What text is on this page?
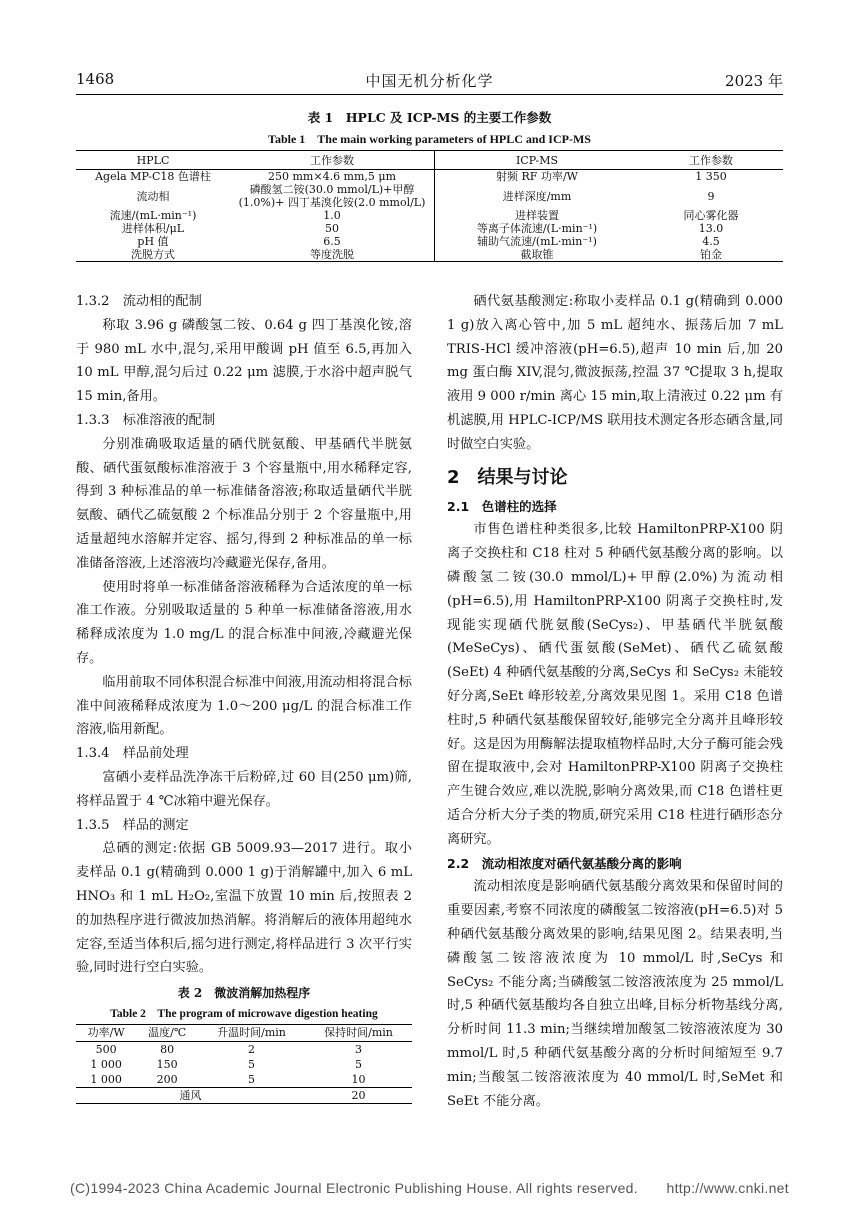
1468	中国无机分析化学	2023 年
表 1　HPLC 及 ICP-MS 的主要工作参数
Table 1　The main working parameters of HPLC and ICP-MS
HPLC	工作参数	ICP-MS	工作参数
Agela MP-C18 色谱柱	250 mm×4.6 mm,5 μm	射频 RF 功率/W	1 350
流动相	磷酸氢二铵(30.0 mmol/L)+甲醇(1.0%)+ 四丁基溴化铵(2.0 mmol/L)	进样深度/mm	9
流速/(mL·min⁻¹)	1.0	进样装置	同心雾化器
进样体积/μL	50	等离子体流速/(L·min⁻¹)	13.0
pH 值	6.5	辅助气流速/(mL·min⁻¹)	4.5
洗脱方式	等度洗脱	截取锥	铂金

1.3.2　流动相的配制

称取 3.96 g 磷酸氢二铵、0.64 g 四丁基溴化铵,溶于 980 mL 水中,混匀,采用甲酸调 pH 值至 6.5,再加入 10 mL 甲醇,混匀后过 0.22 μm 滤膜,于水浴中超声脱气 15 min,备用。

1.3.3　标准溶液的配制

分别准确吸取适量的硒代胱氨酸、甲基硒代半胱氨酸、硒代蛋氨酸标准溶液于 3 个容量瓶中,用水稀释定容,得到 3 种标准品的单一标准储备溶液;称取适量硒代半胱氨酸、硒代乙硫氨酸 2 个标准品分别于 2 个容量瓶中,用适量超纯水溶解并定容、摇匀,得到 2 种标准品的单一标准储备溶液,上述溶液均冷藏避光保存,备用。

使用时将单一标准储备溶液稀释为合适浓度的单一标准工作液。分别吸取适量的 5 种单一标准储备溶液,用水稀释成浓度为 1.0 mg/L 的混合标准中间液,冷藏避光保存。

临用前取不同体积混合标准中间液,用流动相将混合标准中间液稀释成浓度为 1.0～200 μg/L 的混合标准工作溶液,临用新配。

1.3.4　样品前处理

富硒小麦样品洗净冻干后粉碎,过 60 目(250 μm)筛,将样品置于 4 ℃冰箱中避光保存。

1.3.5　样品的测定

总硒的测定:依据 GB 5009.93—2017 进行。取小麦样品 0.1 g(精确到 0.000 1 g)于消解罐中,加入 6 mL HNO₃ 和 1 mL H₂O₂,室温下放置 10 min 后,按照表 2 的加热程序进行微波加热消解。将消解后的液体用超纯水定容,至适当体积后,摇匀进行测定,将样品进行 3 次平行实验,同时进行空白实验。

表 2　微波消解加热程序
Table 2　The program of microwave digestion heating
功率/W	温度/℃	升温时间/min	保持时间/min
500	80	2	3
1 000	150	5	5
1 000	200	5	10
通风			20

硒代氨基酸测定:称取小麦样品 0.1 g(精确到 0.000 1 g)放入离心管中,加 5 mL 超纯水、振荡后加 7 mL TRIS-HCl 缓冲溶液(pH=6.5),超声 10 min 后,加 20 mg 蛋白酶 XIV,混匀,微波振荡,控温 37 ℃提取 3 h,提取液用 9 000 r/min 离心 15 min,取上清液过 0.22 μm 有机滤膜,用 HPLC-ICP/MS 联用技术测定各形态硒含量,同时做空白实验。

2　结果与讨论

2.1　色谱柱的选择

市售色谱柱种类很多,比较 HamiltonPRP-X100 阴离子交换柱和 C18 柱对 5 种硒代氨基酸分离的影响。以磷酸氢二铵(30.0 mmol/L)+甲醇(2.0%)为流动相(pH=6.5),用 HamiltonPRP-X100 阴离子交换柱时,发现能实现硒代胱氨酸(SeCys₂)、甲基硒代半胱氨酸(MeSeCys)、硒代蛋氨酸(SeMet)、硒代乙硫氨酸(SeEt) 4 种硒代氨基酸的分离,SeCys 和 SeCys₂ 未能较好分离,SeEt 峰形较差,分离效果见图 1。采用 C18 色谱柱时,5 种硒代氨基酸保留较好,能够完全分离并且峰形较好。这是因为用酶解法提取植物样品时,大分子酶可能会残留在提取液中,会对 HamiltonPRP-X100 阴离子交换柱产生键合效应,难以洗脱,影响分离效果,而 C18 色谱柱更适合分析大分子类的物质,研究采用 C18 柱进行硒形态分离研究。

2.2　流动相浓度对硒代氨基酸分离的影响

流动相浓度是影响硒代氨基酸分离效果和保留时间的重要因素,考察不同浓度的磷酸氢二铵溶液(pH=6.5)对 5 种硒代氨基酸分离效果的影响,结果见图 2。结果表明,当磷酸氢二铵溶液浓度为 10 mmol/L 时,SeCys 和 SeCys₂ 不能分离;当磷酸氢二铵溶液浓度为 25 mmol/L 时,5 种硒代氨基酸均各自独立出峰,目标分析物基线分离,分析时间 11.3 min;当继续增加酸氢二铵溶液浓度为 30 mmol/L 时,5 种硒代氨基酸分离的分析时间缩短至 9.7 min;当酸氢二铵溶液浓度为 40 mmol/L 时,SeMet 和 SeEt 不能分离。

(C)1994-2023 China Academic Journal Electronic Publishing House. All rights reserved.　　http://www.cnki.net
